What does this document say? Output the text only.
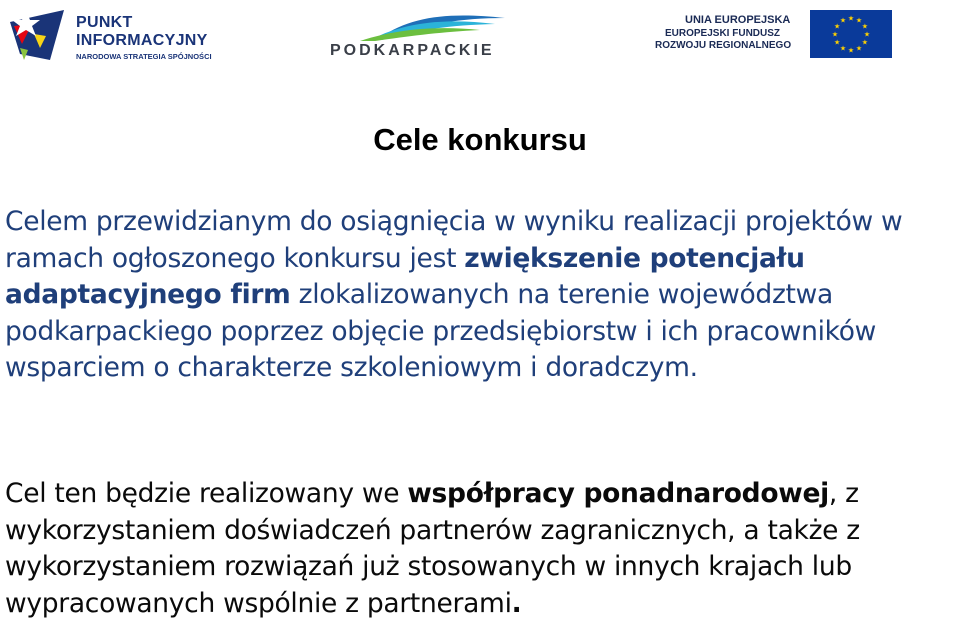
PUNKT
INFORMACYJNY
NARODOWA STRATEGIA SPÓJNOŚCI	PODKARPACKIE
UNIA EUROPEJSKA
EUROPEJSKI FUNDUSZ
ROZWOJU REGIONALNEGO
★ ★
★
★
★
★
★
★
★
★
★
★
Cele konkursu
Celem przewidzianym do osiągnięcia w wyniku realizacji projektów w ramach ogłoszonego konkursu jest zwiększenie potencjału adaptacyjnego firm zlokalizowanych na terenie województwa podkarpackiego poprzez objęcie przedsiębiorstw i ich pracowników wsparciem o charakterze szkoleniowym i doradczym.
Cel ten będzie realizowany we współpracy ponadnarodowej, z wykorzystaniem doświadczeń partnerów zagranicznych, a także z wykorzystaniem rozwiązań już stosowanych w innych krajach lub wypracowanych wspólnie z partnerami.
